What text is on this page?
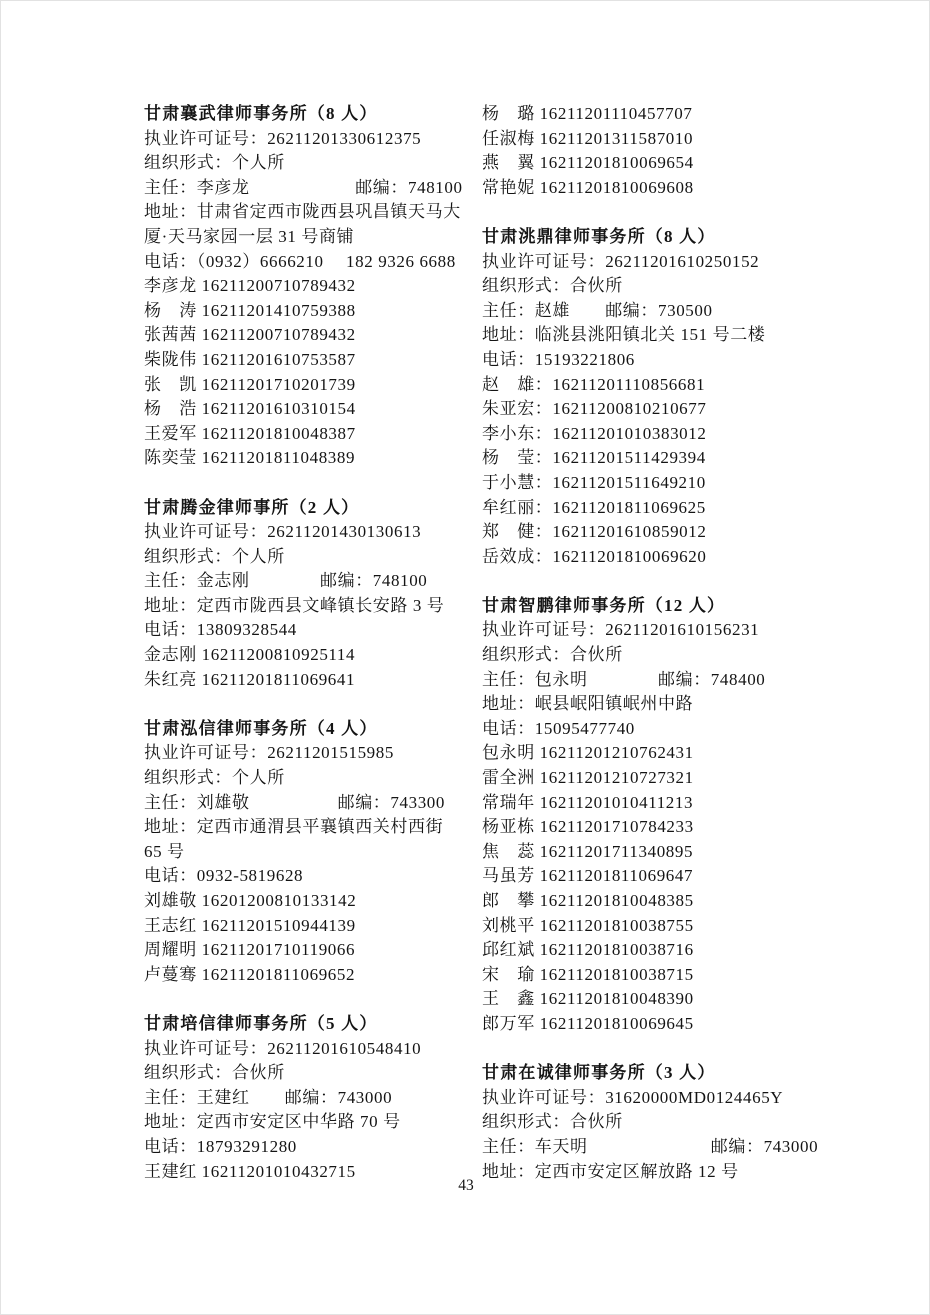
甘肃襄武律师事务所（8 人）
执业许可证号：26211201330612375
组织形式：个人所
主任：李彦龙　　　　　　邮编：748100
地址：甘肃省定西市陇西县巩昌镇天马大厦·天马家园一层 31 号商铺
电话：（0932）6666210　 182 9326 6688
李彦龙 16211200710789432
杨　涛 16211201410759388
张茜茜 16211200710789432
柴陇伟 16211201610753587
张　凯 16211201710201739
杨　浩 16211201610310154
王爱军 16211201810048387
陈奕莹 16211201811048389
甘肃腾金律师事所（2 人）
执业许可证号：26211201430130613
组织形式：个人所
主任：金志刚　　　　邮编：748100
地址：定西市陇西县文峰镇长安路 3 号
电话：13809328544
金志刚 16211200810925114
朱红亮 16211201811069641
甘肃泓信律师事务所（4 人）
执业许可证号：26211201515985
组织形式：个人所
主任：刘雄敬　　　　　邮编：743300
地址：定西市通渭县平襄镇西关村西街 65 号
电话：0932-5819628
刘雄敬 16201200810133142
王志红 16211201510944139
周耀明 16211201710119066
卢蔓骞 16211201811069652
甘肃培信律师事务所（5 人）
执业许可证号：26211201610548410
组织形式：合伙所
主任：王建红　　邮编：743000
地址：定西市安定区中华路 70 号
电话：18793291280
王建红 16211201010432715
杨　璐 16211201110457707
任淑梅 16211201311587010
燕　翼 16211201810069654
常艳妮 16211201810069608
甘肃洮鼎律师事务所（8 人）
执业许可证号：26211201610250152
组织形式：合伙所
主任：赵雄　　邮编：730500
地址：临洮县洮阳镇北关 151 号二楼
电话：15193221806
赵　雄：16211201110856681
朱亚宏：16211200810210677
李小东：16211201010383012
杨　莹：16211201511429394
于小慧：16211201511649210
牟红丽：16211201811069625
郑　健：16211201610859012
岳效成：16211201810069620
甘肃智鹏律师事务所（12 人）
执业许可证号：26211201610156231
组织形式：合伙所
主任：包永明　　　　邮编：748400
地址：岷县岷阳镇岷州中路
电话：15095477740
包永明 16211201210762431
雷全洲 16211201210727321
常瑞年 16211201010411213
杨亚栋 16211201710784233
焦　蕊 16211201711340895
马虽芳 16211201811069647
郎　攀 16211201810048385
刘桃平 16211201810038755
邱红斌 16211201810038716
宋　瑜 16211201810038715
王　鑫 16211201810048390
郎万军 16211201810069645
甘肃在诚律师事务所（3 人）
执业许可证号：31620000MD0124465Y
组织形式：合伙所
主任：车天明　　　　　　　邮编：743000
地址：定西市安定区解放路 12 号
43
